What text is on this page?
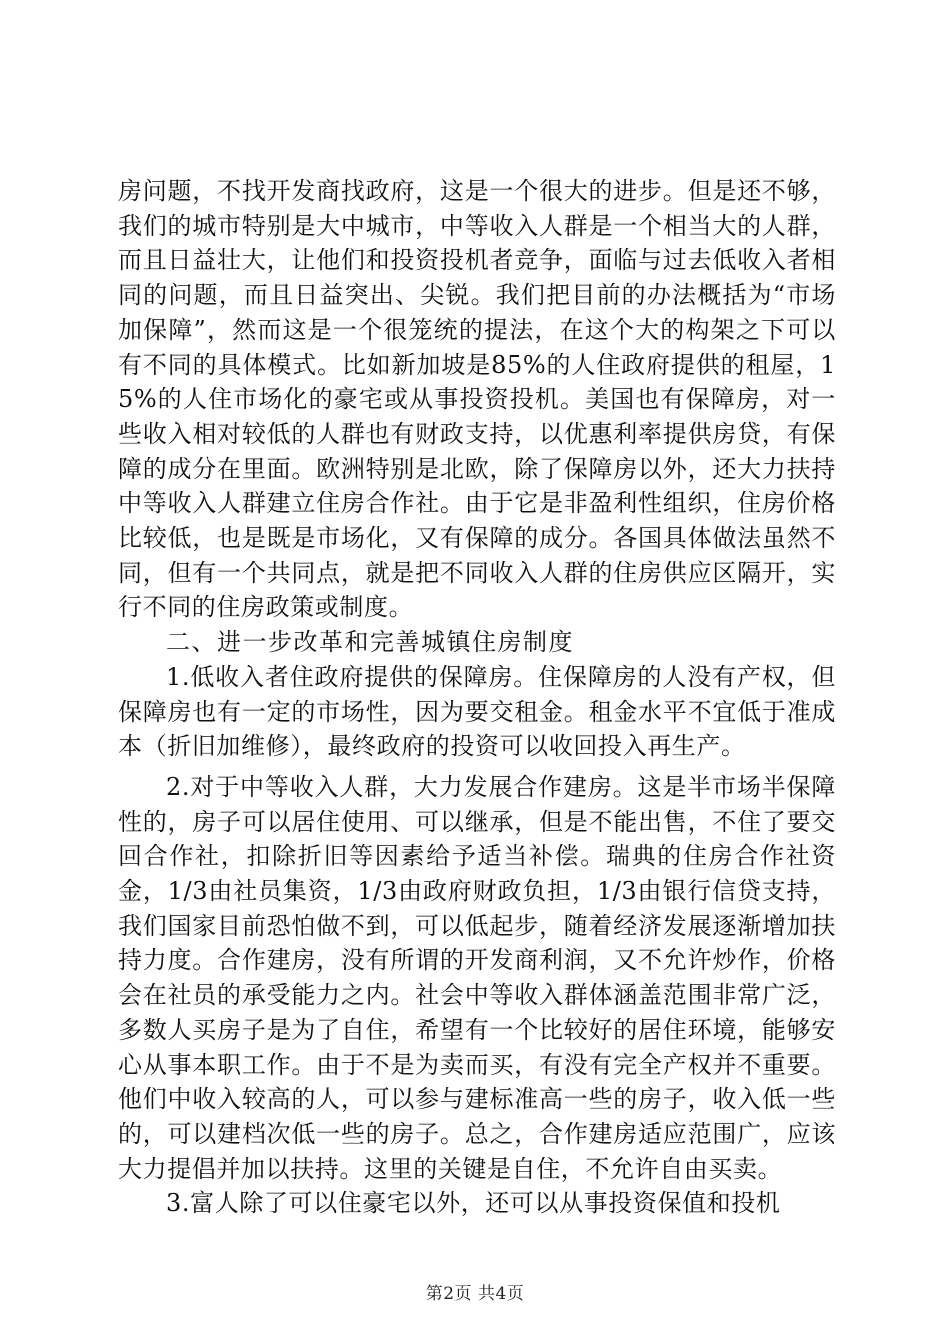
房问题，不找开发商找政府，这是一个很大的进步。但是还不够，我们的城市特别是大中城市，中等收入人群是一个相当大的人群，而且日益壮大，让他们和投资投机者竞争，面临与过去低收入者相同的问题，而且日益突出、尖锐。我们把目前的办法概括为“市场加保障”，然而这是一个很笼统的提法，在这个大的构架之下可以有不同的具体模式。比如新加坡是85%的人住政府提供的租屋，15%的人住市场化的豪宅或从事投资投机。美国也有保障房，对一些收入相对较低的人群也有财政支持，以优惠利率提供房贷，有保障的成分在里面。欧洲特别是北欧，除了保障房以外，还大力扶持中等收入人群建立住房合作社。由于它是非盈利性组织，住房价格比较低，也是既是市场化，又有保障的成分。各国具体做法虽然不同，但有一个共同点，就是把不同收入人群的住房供应区隔开，实行不同的住房政策或制度。

二、进一步改革和完善城镇住房制度

1.低收入者住政府提供的保障房。住保障房的人没有产权，但保障房也有一定的市场性，因为要交租金。租金水平不宜低于准成本（折旧加维修），最终政府的投资可以收回投入再生产。

2.对于中等收入人群，大力发展合作建房。这是半市场半保障性的，房子可以居住使用、可以继承，但是不能出售，不住了要交回合作社，扣除折旧等因素给予适当补偿。瑞典的住房合作社资金，1/3由社员集资，1/3由政府财政负担，1/3由银行信贷支持，我们国家目前恐怕做不到，可以低起步，随着经济发展逐渐增加扶持力度。合作建房，没有所谓的开发商利润，又不允许炒作，价格会在社员的承受能力之内。社会中等收入群体涵盖范围非常广泛，多数人买房子是为了自住，希望有一个比较好的居住环境，能够安心从事本职工作。由于不是为卖而买，有没有完全产权并不重要。他们中收入较高的人，可以参与建标准高一些的房子，收入低一些的，可以建档次低一些的房子。总之，合作建房适应范围广，应该大力提倡并加以扶持。这里的关键是自住，不允许自由买卖。

3.富人除了可以住豪宅以外，还可以从事投资保值和投机

第2页 共4页
